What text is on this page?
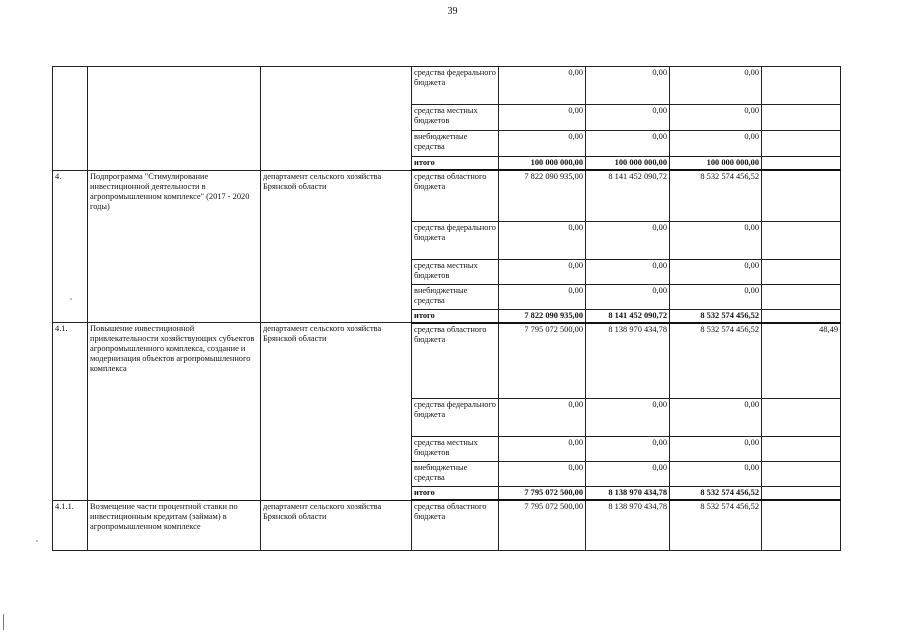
39
			средства федерального бюджета	0,00	0,00	0,00	
			средства местных бюджетов	0,00	0,00	0,00	
			внебюджетные средства	0,00	0,00	0,00	
			итого	100 000 000,00	100 000 000,00	100 000 000,00	
4.	Подпрограмма "Стимулирование инвестиционной деятельности в агропромышленном комплексе" (2017 - 2020 годы)	департамент сельского хозяйства Брянской области	средства областного бюджета	7 822 090 935,00	8 141 452 090,72	8 532 574 456,52	
			средства федерального бюджета	0,00	0,00	0,00	
			средства местных бюджетов	0,00	0,00	0,00	
			внебюджетные средства	0,00	0,00	0,00	
			итого	7 822 090 935,00	8 141 452 090,72	8 532 574 456,52	
4.1.	Повышение инвестиционной привлекательности хозяйствующих субъектов агропромышленного комплекса, создание и модернизация объектов агропромышленного комплекса	департамент сельского хозяйства Брянской области	средства областного бюджета	7 795 072 500,00	8 138 970 434,78	8 532 574 456,52	48,49
			средства федерального бюджета	0,00	0,00	0,00	
			средства местных бюджетов	0,00	0,00	0,00	
			внебюджетные средства	0,00	0,00	0,00	
			итого	7 795 072 500,00	8 138 970 434,78	8 532 574 456,52	
4.1.1.	Возмещение части процентной ставки по инвестиционным кредитам (займам) в агропромышленном комплексе	департамент сельского хозяйства Брянской области	средства областного бюджета	7 795 072 500,00	8 138 970 434,78	8 532 574 456,52	
